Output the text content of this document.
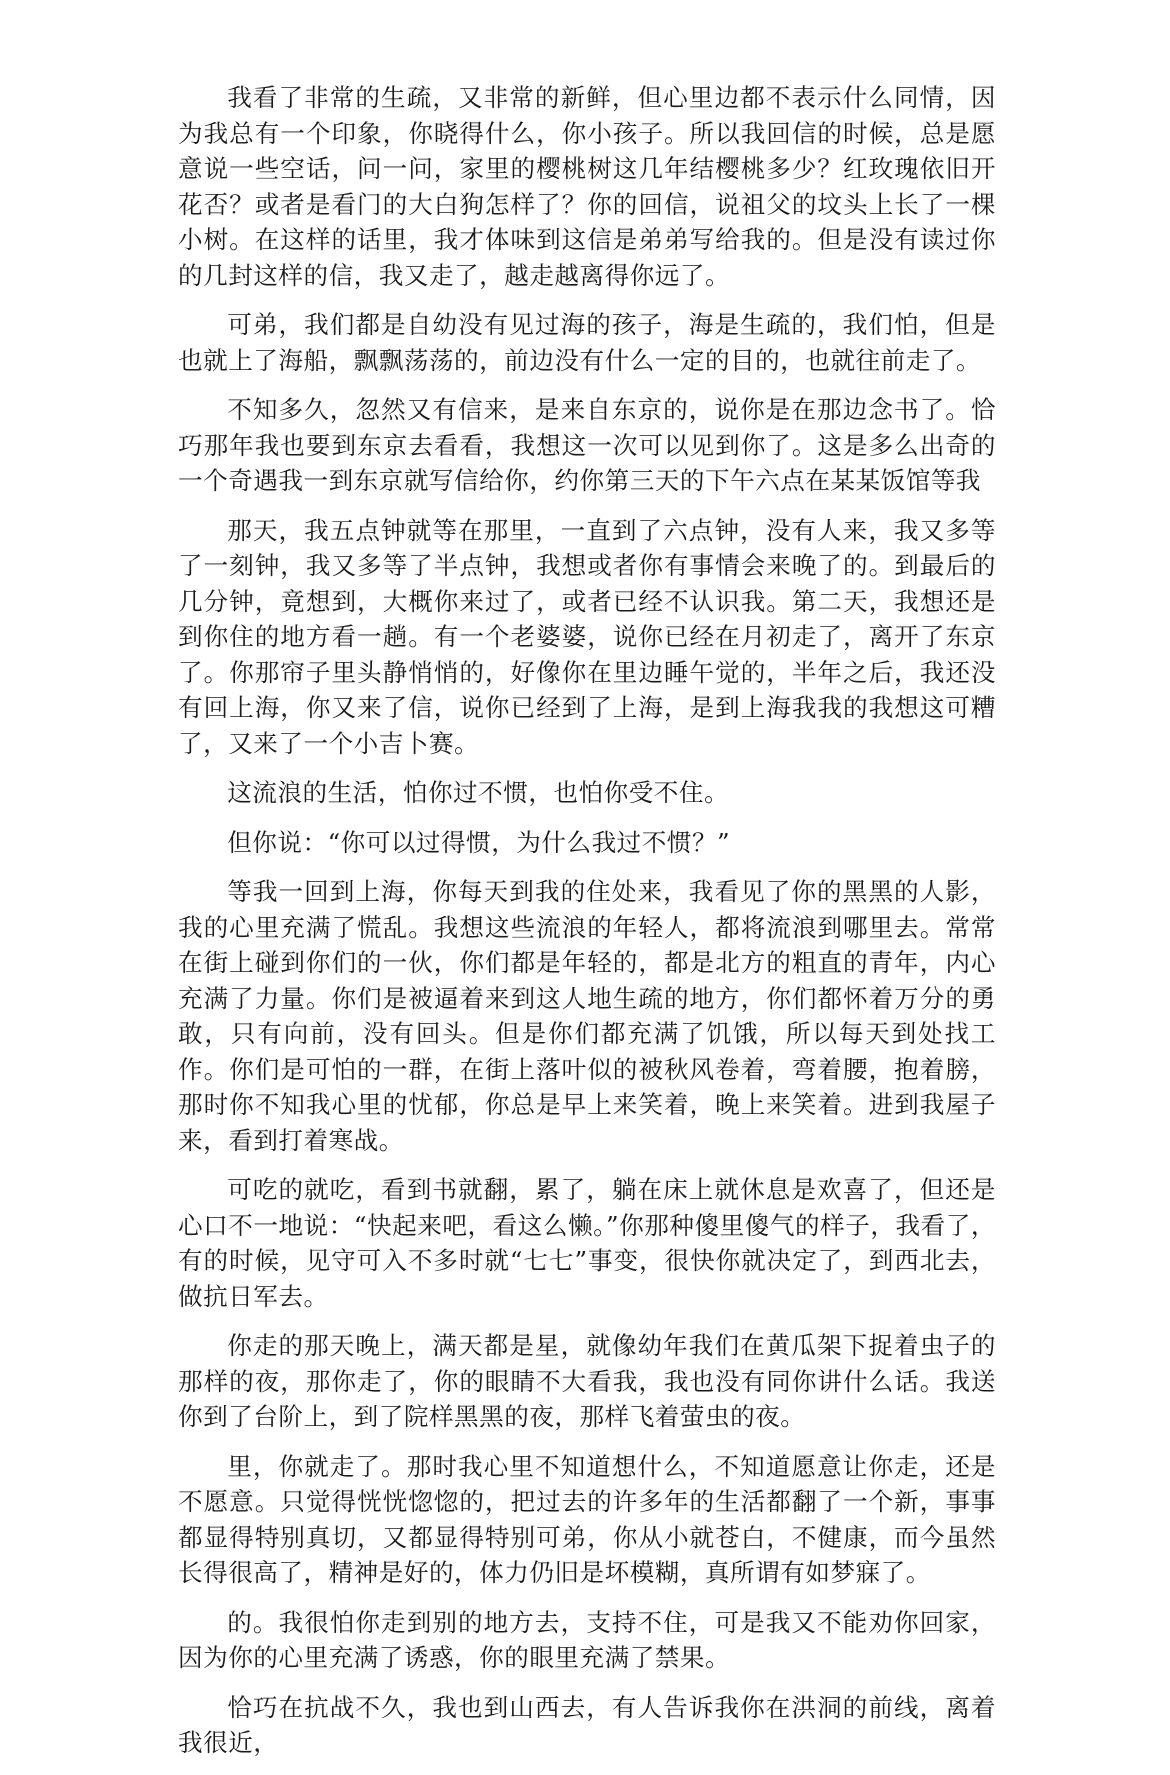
我看了非常的生疏，又非常的新鲜，但心里边都不表示什么同情，因为我总有一个印象，你晓得什么，你小孩子。所以我回信的时候，总是愿意说一些空话，问一问，家里的樱桃树这几年结樱桃多少？红玫瑰依旧开花否？或者是看门的大白狗怎样了？你的回信，说祖父的坟头上长了一棵小树。在这样的话里，我才体味到这信是弟弟写给我的。但是没有读过你的几封这样的信，我又走了，越走越离得你远了。

可弟，我们都是自幼没有见过海的孩子，海是生疏的，我们怕，但是也就上了海船，飘飘荡荡的，前边没有什么一定的目的，也就往前走了。

不知多久，忽然又有信来，是来自东京的，说你是在那边念书了。恰巧那年我也要到东京去看看，我想这一次可以见到你了。这是多么出奇的一个奇遇我一到东京就写信给你，约你第三天的下午六点在某某饭馆等我

那天，我五点钟就等在那里，一直到了六点钟，没有人来，我又多等了一刻钟，我又多等了半点钟，我想或者你有事情会来晚了的。到最后的几分钟，竟想到，大概你来过了，或者已经不认识我。第二天，我想还是到你住的地方看一趟。有一个老婆婆，说你已经在月初走了，离开了东京了。你那帘子里头静悄悄的，好像你在里边睡午觉的，半年之后，我还没有回上海，你又来了信，说你已经到了上海，是到上海我我的我想这可糟了，又来了一个小吉卜赛。

这流浪的生活，怕你过不惯，也怕你受不住。

但你说：“你可以过得惯，为什么我过不惯？”

等我一回到上海，你每天到我的住处来，我看见了你的黑黑的人影，我的心里充满了慌乱。我想这些流浪的年轻人，都将流浪到哪里去。常常在街上碰到你们的一伙，你们都是年轻的，都是北方的粗直的青年，内心充满了力量。你们是被逼着来到这人地生疏的地方，你们都怀着万分的勇敢，只有向前，没有回头。但是你们都充满了饥饿，所以每天到处找工作。你们是可怕的一群，在街上落叶似的被秋风卷着，弯着腰，抱着膀，那时你不知我心里的忧郁，你总是早上来笑着，晚上来笑着。进到我屋子来，看到打着寒战。

可吃的就吃，看到书就翻，累了，躺在床上就休息是欢喜了，但还是心口不一地说：“快起来吧，看这么懒。”你那种傻里傻气的样子，我看了，有的时候，见守可入不多时就“七七”事变，很快你就决定了，到西北去，做抗日军去。

你走的那天晚上，满天都是星，就像幼年我们在黄瓜架下捉着虫子的那样的夜，那你走了，你的眼睛不大看我，我也没有同你讲什么话。我送你到了台阶上，到了院样黑黑的夜，那样飞着萤虫的夜。

里，你就走了。那时我心里不知道想什么，不知道愿意让你走，还是不愿意。只觉得恍恍惚惚的，把过去的许多年的生活都翻了一个新，事事都显得特别真切，又都显得特别可弟，你从小就苍白，不健康，而今虽然长得很高了，精神是好的，体力仍旧是坏模糊，真所谓有如梦寐了。

的。我很怕你走到别的地方去，支持不住，可是我又不能劝你回家，因为你的心里充满了诱惑，你的眼里充满了禁果。

恰巧在抗战不久，我也到山西去，有人告诉我你在洪洞的前线，离着我很近，
